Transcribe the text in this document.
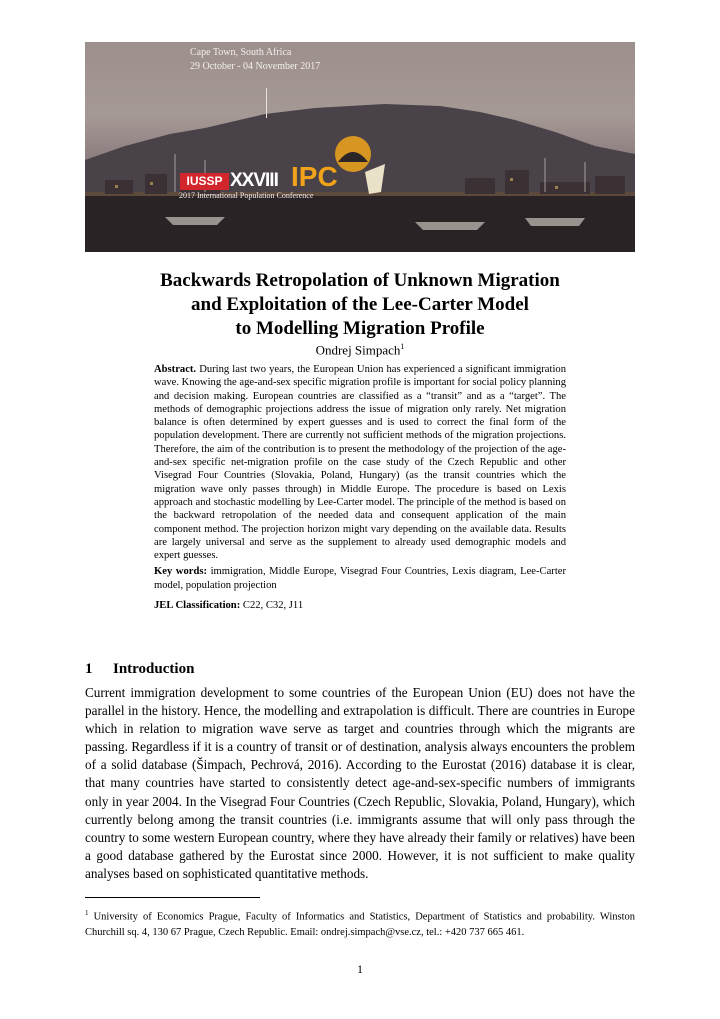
Cape Town, South Africa
29 October - 04 November 2017
IUSSP XXVIII IPC
2017 International Population Conference
Backwards Retropolation of Unknown Migration
and Exploitation of the Lee-Carter Model
to Modelling Migration Profile
Ondrej Simpach$^1$

Abstract. During last two years, the European Union has experienced a significant immigration wave. Knowing the age-and-sex specific migration profile is important for social policy planning and decision making. European countries are classified as a “transit” and as a “target”. The methods of demographic projections address the issue of migration only rarely. Net migration balance is often determined by expert guesses and is used to correct the final form of the population development. There are currently not sufficient methods of the migration projections. Therefore, the aim of the contribution is to present the methodology of the projection of the age-and-sex specific net-migration profile on the case study of the Czech Republic and other Visegrad Four Countries (Slovakia, Poland, Hungary) (as the transit countries which the migration wave only passes through) in Middle Europe. The procedure is based on Lexis approach and stochastic modelling by Lee-Carter model. The principle of the method is based on the backward retropolation of the needed data and consequent application of the main component method. The projection horizon might vary depending on the available data. Results are largely universal and serve as the supplement to already used demographic models and expert guesses.

Key words: immigration, Middle Europe, Visegrad Four Countries, Lexis diagram, Lee-Carter model, population projection

JEL Classification: C22, C32, J11

1 Introduction

Current immigration development to some countries of the European Union (EU) does not have the parallel in the history. Hence, the modelling and extrapolation is difficult. There are countries in Europe which in relation to migration wave serve as target and countries through which the migrants are passing. Regardless if it is a country of transit or of destination, analysis always encounters the problem of a solid database (Šimpach, Pechrová, 2016). According to the Eurostat (2016) database it is clear, that many countries have started to consistently detect age-and-sex-specific numbers of immigrants only in year 2004. In the Visegrad Four Countries (Czech Republic, Slovakia, Poland, Hungary), which currently belong among the transit countries (i.e. immigrants assume that will only pass through the country to some western European country, where they have already their family or relatives) have been a good database gathered by the Eurostat since 2000. However, it is not sufficient to make quality analyses based on sophisticated quantitative methods.

$^1$ University of Economics Prague, Faculty of Informatics and Statistics, Department of Statistics and probability. Winston Churchill sq. 4, 130 67 Prague, Czech Republic. Email: ondrej.simpach@vse.cz, tel.: +420 737 665 461.

1
